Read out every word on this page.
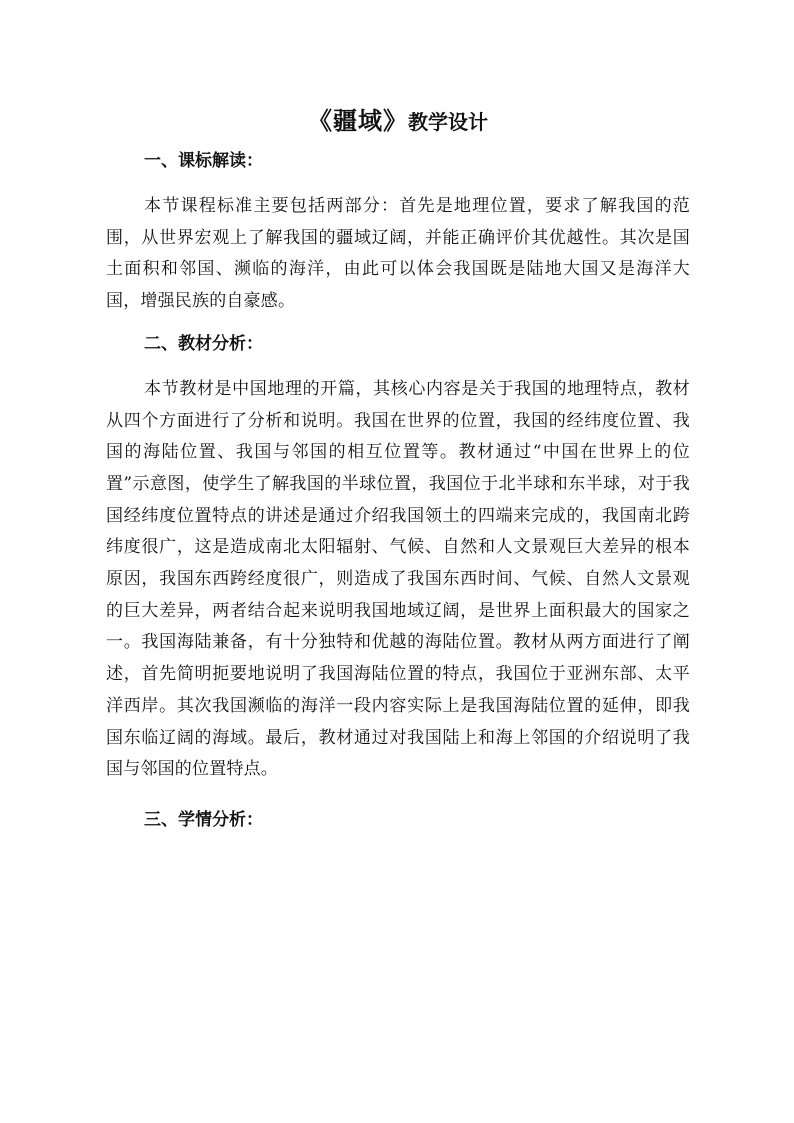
《疆域》教学设计
一、课标解读：

本节课程标准主要包括两部分：首先是地理位置，要求了解我国的范围，从世界宏观上了解我国的疆域辽阔，并能正确评价其优越性。其次是国土面积和邻国、濒临的海洋，由此可以体会我国既是陆地大国又是海洋大国，增强民族的自豪感。

二、教材分析：

本节教材是中国地理的开篇，其核心内容是关于我国的地理特点，教材从四个方面进行了分析和说明。我国在世界的位置，我国的经纬度位置、我国的海陆位置、我国与邻国的相互位置等。教材通过“中国在世界上的位置”示意图，使学生了解我国的半球位置，我国位于北半球和东半球，对于我国经纬度位置特点的讲述是通过介绍我国领土的四端来完成的，我国南北跨纬度很广，这是造成南北太阳辐射、气候、自然和人文景观巨大差异的根本原因，我国东西跨经度很广，则造成了我国东西时间、气候、自然人文景观的巨大差异，两者结合起来说明我国地域辽阔，是世界上面积最大的国家之一。我国海陆兼备，有十分独特和优越的海陆位置。教材从两方面进行了阐述，首先简明扼要地说明了我国海陆位置的特点，我国位于亚洲东部、太平洋西岸。其次我国濒临的海洋一段内容实际上是我国海陆位置的延伸，即我国东临辽阔的海域。最后，教材通过对我国陆上和海上邻国的介绍说明了我国与邻国的位置特点。

三、学情分析：
